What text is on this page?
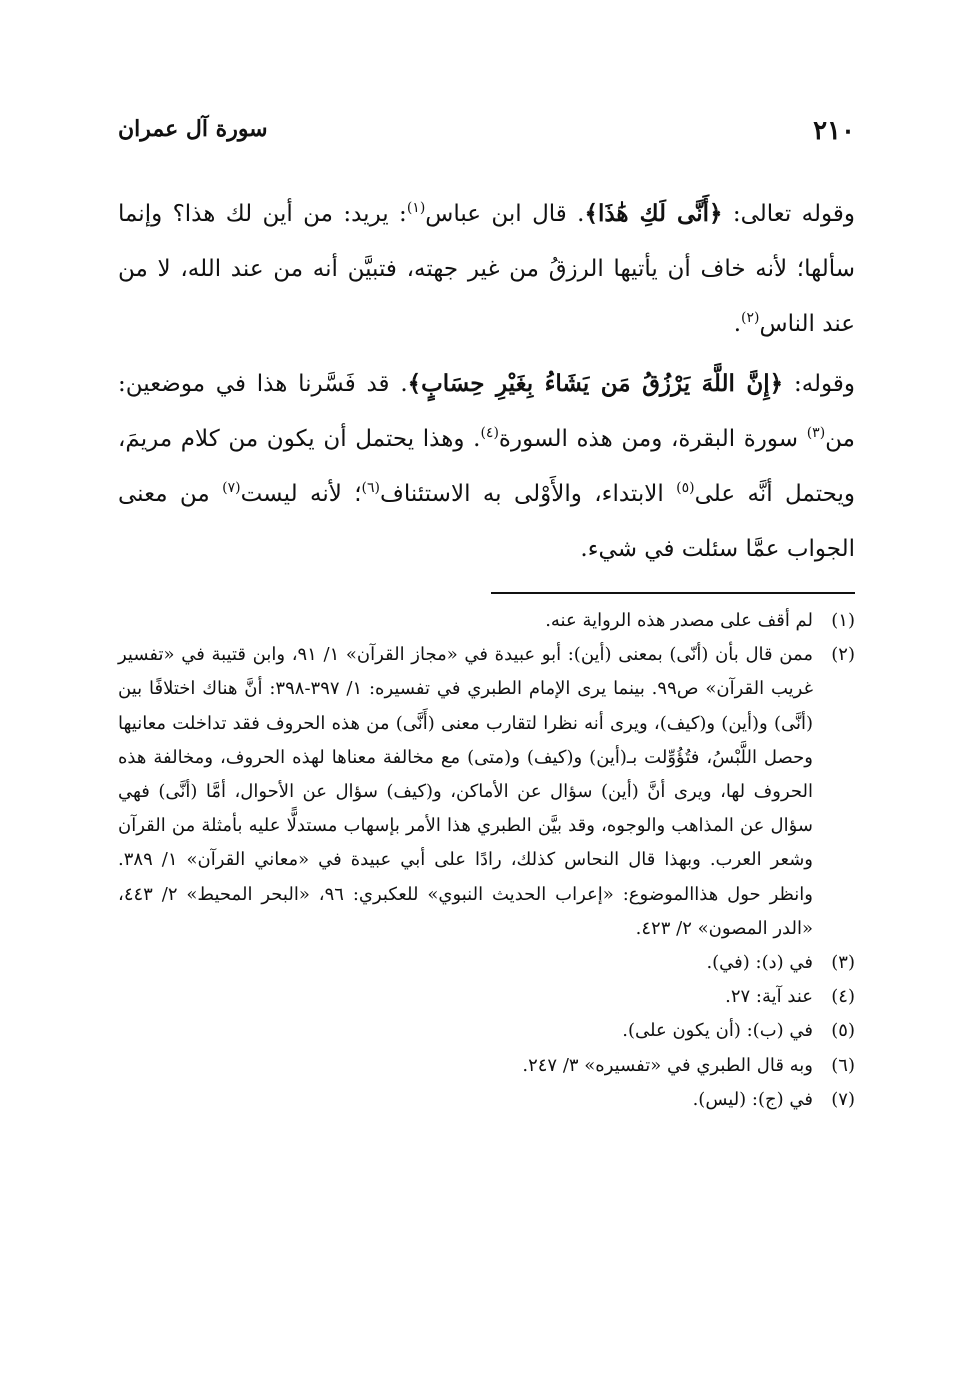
٢١٠
سورة آل عمران

وقوله تعالى: ﴿أَنَّى لَكِ هَٰذَا﴾. قال ابن عباس$^{(١)}$: يريد: من أين لك هذا؟ وإنما سألها؛ لأنه خاف أن يأتيها الرزقُ من غير جهته، فتبيَّن أنه من عند الله، لا من عند الناس$^{(٢)}$.

وقوله: ﴿إِنَّ اللَّهَ يَرْزُقُ مَن يَشَاءُ بِغَيْرِ حِسَابٍ﴾. قد فَسَّرنا هذا في موضعين: من$^{(٣)}$ سورة البقرة، ومن هذه السورة$^{(٤)}$. وهذا يحتمل أن يكون من كلام مريمَ، ويحتمل أنَّه على$^{(٥)}$ الابتداء، والأَوْلى به الاستئناف$^{(٦)}$؛ لأنه ليست$^{(٧)}$ من معنى الجواب عمَّا سئلت في شيء.

(١)
لم أقف على مصدر هذه الرواية عنه.
(٢)
ممن قال بأن (أنّى) بمعنى (أين): أبو عبيدة في «مجاز القرآن» ١/ ٩١، وابن قتيبة في «تفسير غريب القرآن» ص٩٩. بينما يرى الإمام الطبري في تفسيره: ١/ ٣٩٧-٣٩٨: أنَّ هناك اختلافًا بين (أنَّى) و(أين) و(كيف)، ويرى أنه نظرا لتقارب معنى (أَنَّى) من هذه الحروف فقد تداخلت معانيها وحصل اللَّبْسُ، فتُؤُوِّلت بـ(أين) و(كيف) و(متى) مع مخالفة معناها لهذه الحروف، ومخالفة هذه الحروف لها، ويرى أنَّ (أين) سؤال عن الأماكن، و(كيف) سؤال عن الأحوال، أمَّا (أنَّى) فهي سؤال عن المذاهب والوجوه، وقد بيَّن الطبري هذا الأمر بإسهاب مستدلًّا عليه بأمثلة من القرآن وشعر العرب. وبهذا قال النحاس كذلك، رادًا على أبي عبيدة في «معاني القرآن» ١/ ٣٨٩. وانظر حول هذاالموضوع: «إعراب الحديث النبوي» للعكبري: ٩٦، «البحر المحيط» ٢/ ٤٤٣، «الدر المصون» ٢/ ٤٢٣.
(٣)
في (د): (في).
(٤)
عند آية: ٢٧.
(٥)
في (ب): (أن يكون على).
(٦)
وبه قال الطبري في «تفسيره» ٣/ ٢٤٧.
(٧)
في (ج): (ليس).
